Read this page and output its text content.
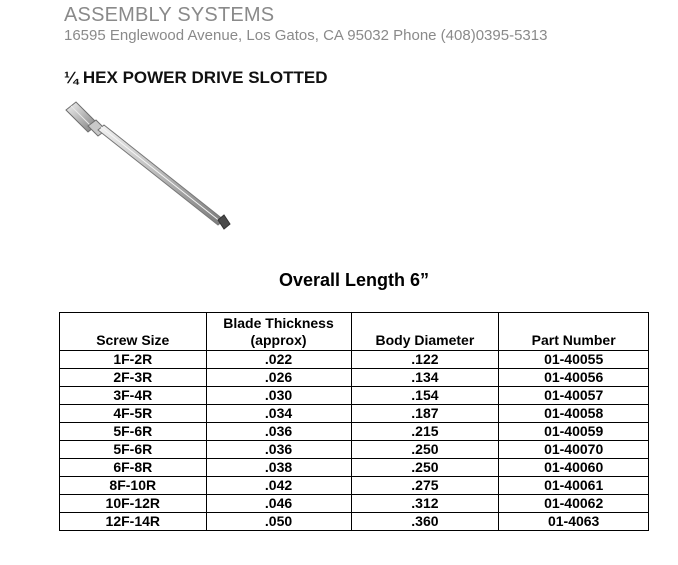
ASSEMBLY SYSTEMS
16595 Englewood Avenue, Los Gatos, CA 95032 Phone (408)0395-5313
¼ HEX POWER DRIVE SLOTTED
Overall Length 6”
Screw Size	Blade Thickness (approx)	Body Diameter	Part Number
1F-2R	.022	.122	01-40055
2F-3R	.026	.134	01-40056
3F-4R	.030	.154	01-40057
4F-5R	.034	.187	01-40058
5F-6R	.036	.215	01-40059
5F-6R	.036	.250	01-40070
6F-8R	.038	.250	01-40060
8F-10R	.042	.275	01-40061
10F-12R	.046	.312	01-40062
12F-14R	.050	.360	01-4063
